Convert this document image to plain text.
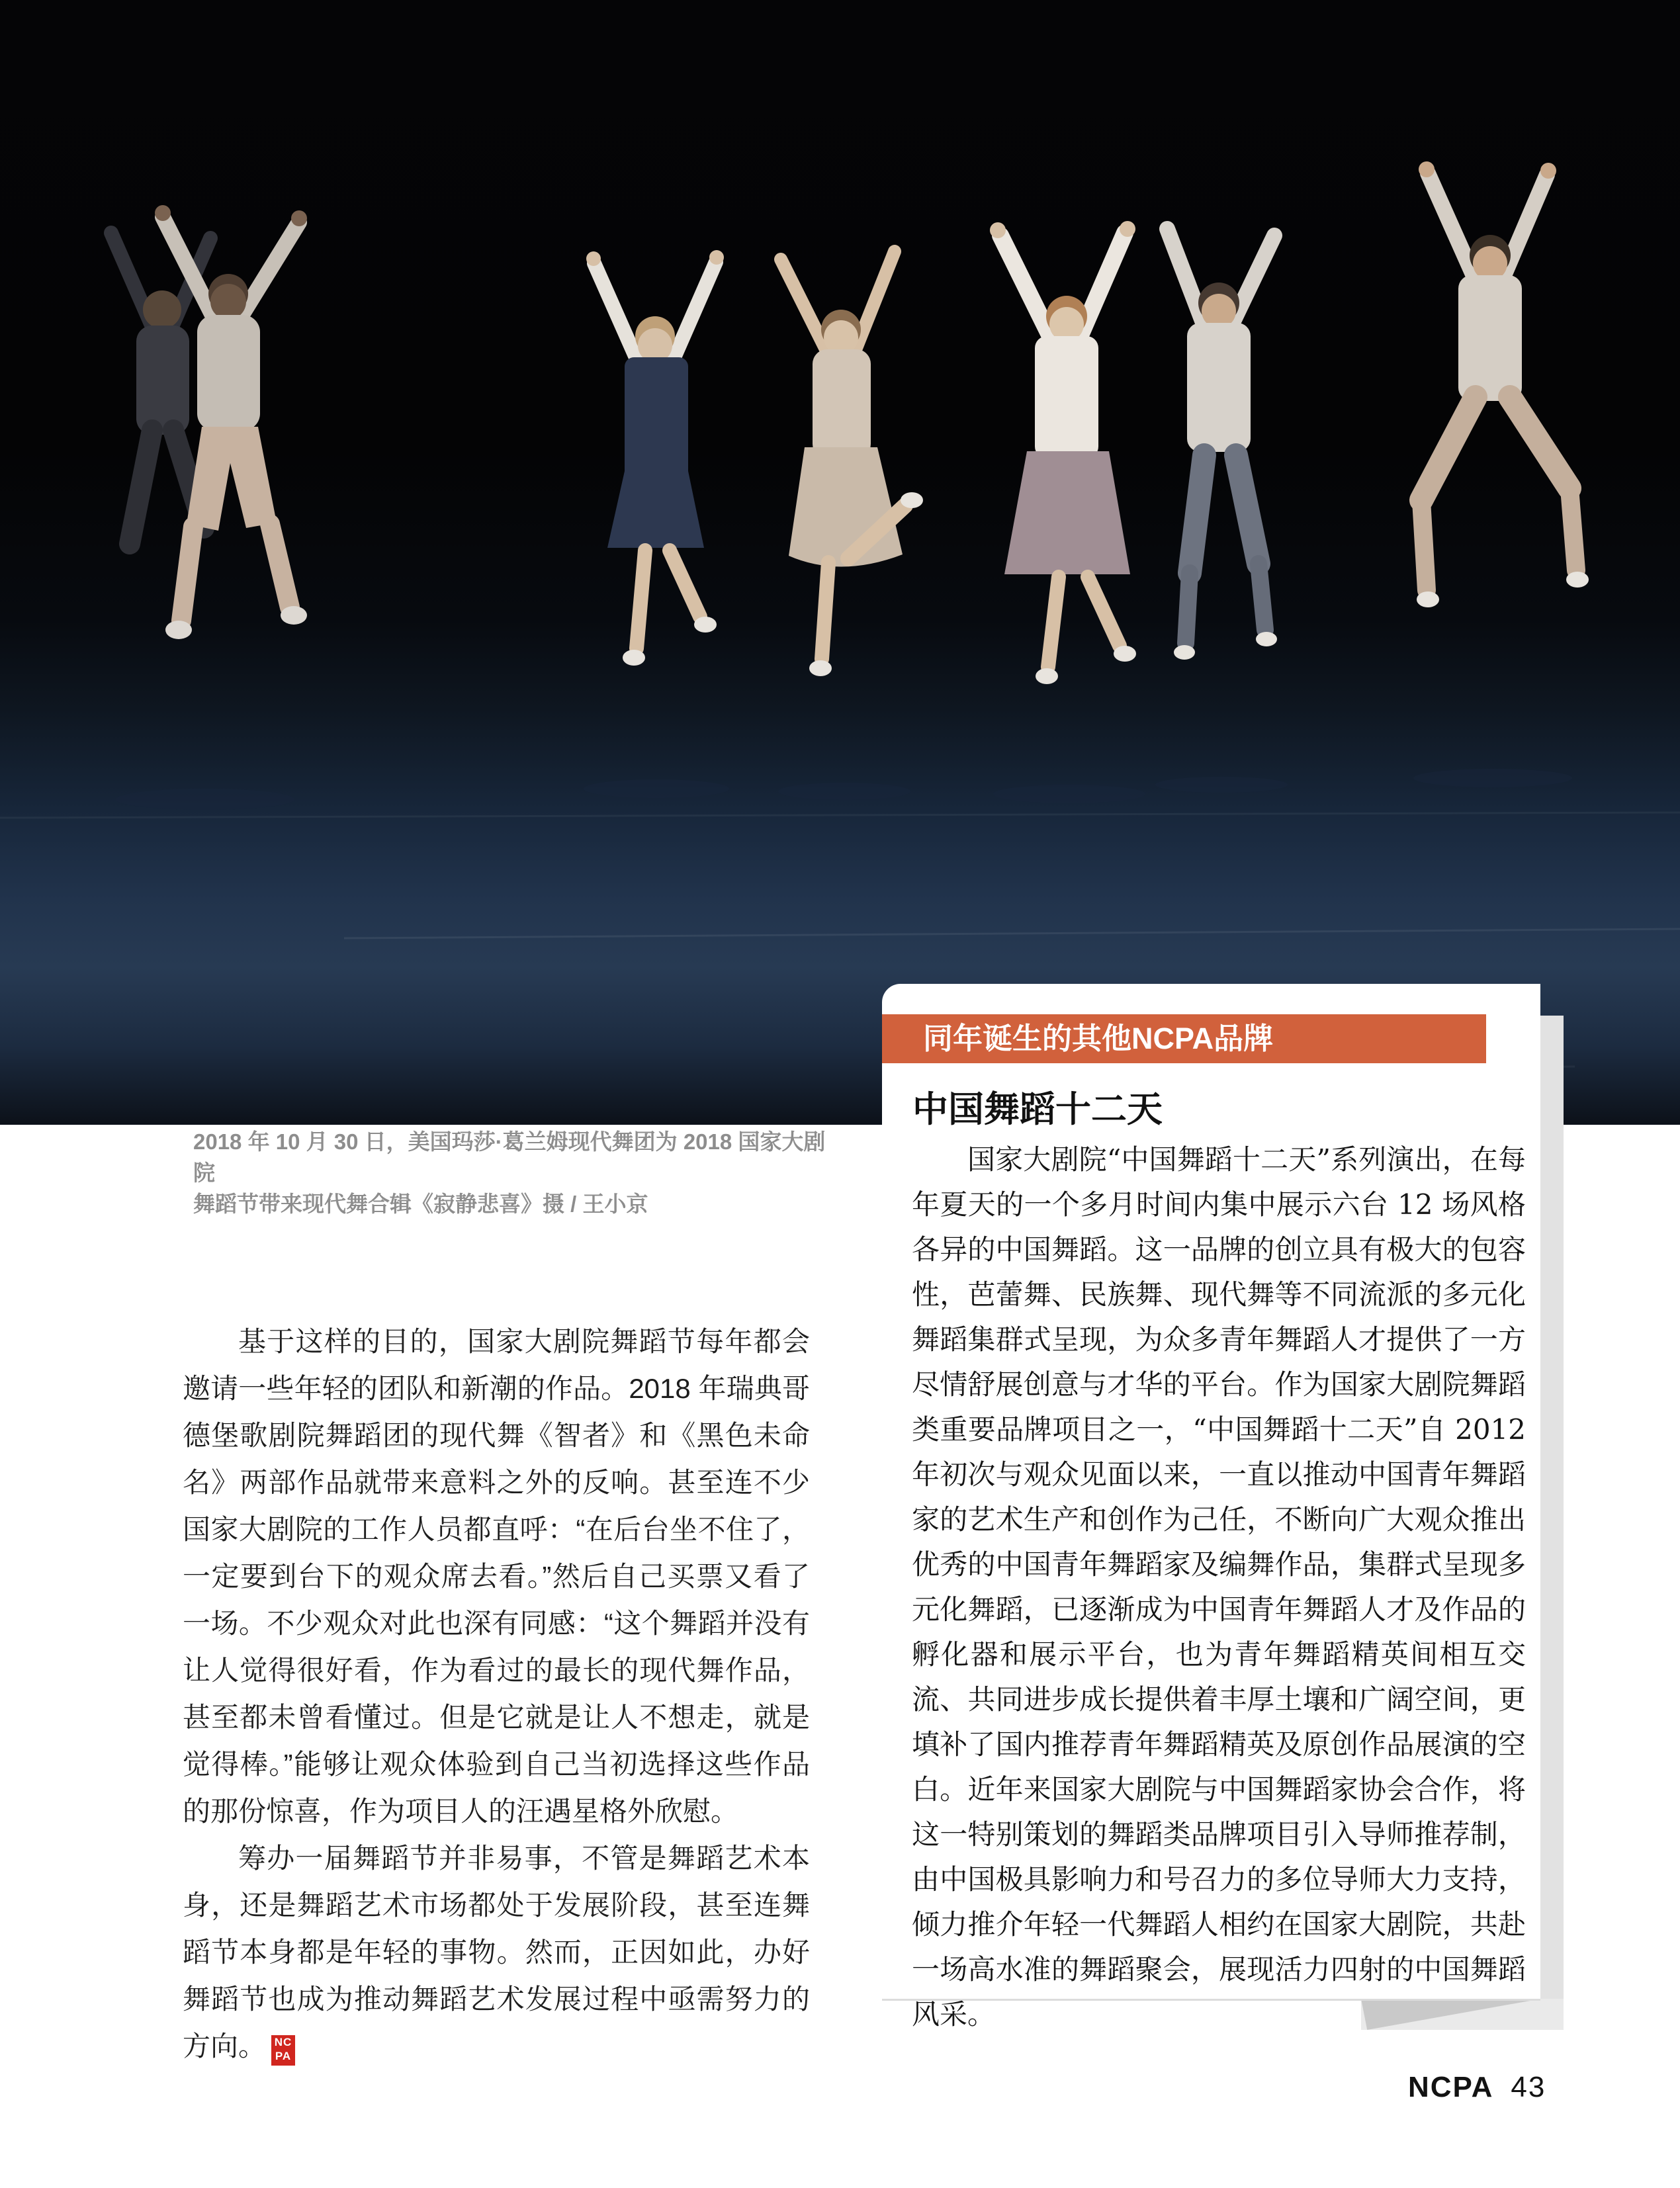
2018 年 10 月 30 日，美国玛莎·葛兰姆现代舞团为 2018 国家大剧院
舞蹈节带来现代舞合辑《寂静悲喜》摄 / 王小京

基于这样的目的，国家大剧院舞蹈节每年都会邀请一些年轻的团队和新潮的作品。2018 年瑞典哥德堡歌剧院舞蹈团的现代舞《智者》和《黑色未命名》两部作品就带来意料之外的反响。甚至连不少国家大剧院的工作人员都直呼：“在后台坐不住了，一定要到台下的观众席去看。”然后自己买票又看了一场。不少观众对此也深有同感：“这个舞蹈并没有让人觉得很好看，作为看过的最长的现代舞作品，甚至都未曾看懂过。但是它就是让人不想走，就是觉得棒。”能够让观众体验到自己当初选择这些作品的那份惊喜，作为项目人的汪遇星格外欣慰。

筹办一届舞蹈节并非易事，不管是舞蹈艺术本身，还是舞蹈艺术市场都处于发展阶段，甚至连舞蹈节本身都是年轻的事物。然而，正因如此，办好舞蹈节也成为推动舞蹈艺术发展过程中亟需努力的方向。 NC
PA

同年诞生的其他NCPA品牌
中国舞蹈十二天

国家大剧院“中国舞蹈十二天”系列演出，在每年夏天的一个多月时间内集中展示六台 12 场风格各异的中国舞蹈。这一品牌的创立具有极大的包容性，芭蕾舞、民族舞、现代舞等不同流派的多元化舞蹈集群式呈现，为众多青年舞蹈人才提供了一方尽情舒展创意与才华的平台。作为国家大剧院舞蹈类重要品牌项目之一，“中国舞蹈十二天”自 2012 年初次与观众见面以来，一直以推动中国青年舞蹈家的艺术生产和创作为己任，不断向广大观众推出优秀的中国青年舞蹈家及编舞作品，集群式呈现多元化舞蹈，已逐渐成为中国青年舞蹈人才及作品的孵化器和展示平台，也为青年舞蹈精英间相互交流、共同进步成长提供着丰厚土壤和广阔空间，更填补了国内推荐青年舞蹈精英及原创作品展演的空白。近年来国家大剧院与中国舞蹈家协会合作，将这一特别策划的舞蹈类品牌项目引入导师推荐制，由中国极具影响力和号召力的多位导师大力支持，倾力推介年轻一代舞蹈人相约在国家大剧院，共赴一场高水准的舞蹈聚会，展现活力四射的中国舞蹈风采。

NCPA 43
